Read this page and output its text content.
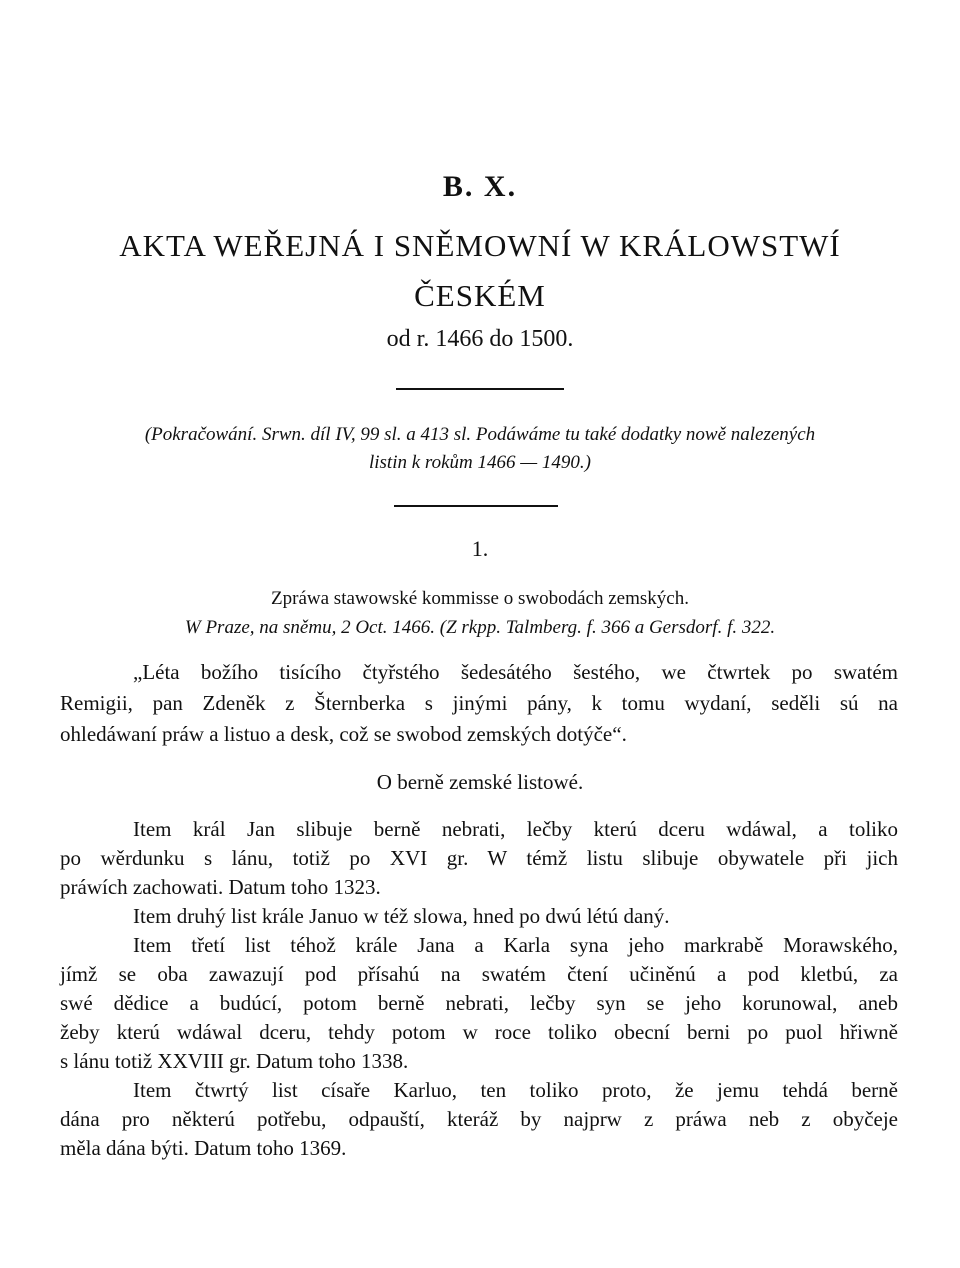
B. X.
AKTA WEŘEJNÁ I SNĚMOWNÍ W KRÁLOWSTWÍ
ČESKÉM
od r. 1466 do 1500.
(Pokračowání. Srwn. díl IV, 99 sl. a 413 sl. Podáwáme tu také dodatky nowě nalezených
listin k rokům 1466 — 1490.)
1.
Zpráwa stawowské kommisse o swobodách zemských.
W Praze, na sněmu, 2 Oct. 1466. (Z rkpp. Talmberg. f. 366 a Gersdorf. f. 322.
„Léta božího tisícího čtyřstého šedesátého šestého, we čtwrtek po swatém
Remigii, pan Zdeněk z Šternberka s jinými pány, k tomu wydaní, seděli sú na
ohledáwaní práw a listuo a desk, což se swobod zemských dotýče“.
O berně zemské listowé.
Item král Jan slibuje berně nebrati, lečby kterú dceru wdáwal, a toliko
po wěrdunku s lánu, totiž po XVI gr. W témž listu slibuje obywatele při jich
práwích zachowati. Datum toho 1323.
Item druhý list krále Januo w též slowa, hned po dwú létú daný.
Item třetí list téhož krále Jana a Karla syna jeho markrabě Morawského,
jímž se oba zawazují pod přísahú na swatém čtení učiněnú a pod kletbú, za
swé dědice a budúcí, potom berně nebrati, lečby syn se jeho korunowal, aneb
žeby kterú wdáwal dceru, tehdy potom w roce toliko obecní berni po puol hřiwně
s lánu totiž XXVIII gr. Datum toho 1338.
Item čtwrtý list císaře Karluo, ten toliko proto, že jemu tehdá berně
dána pro některú potřebu, odpauští, kteráž by najprw z práwa neb z obyčeje
měla dána býti. Datum toho 1369.
